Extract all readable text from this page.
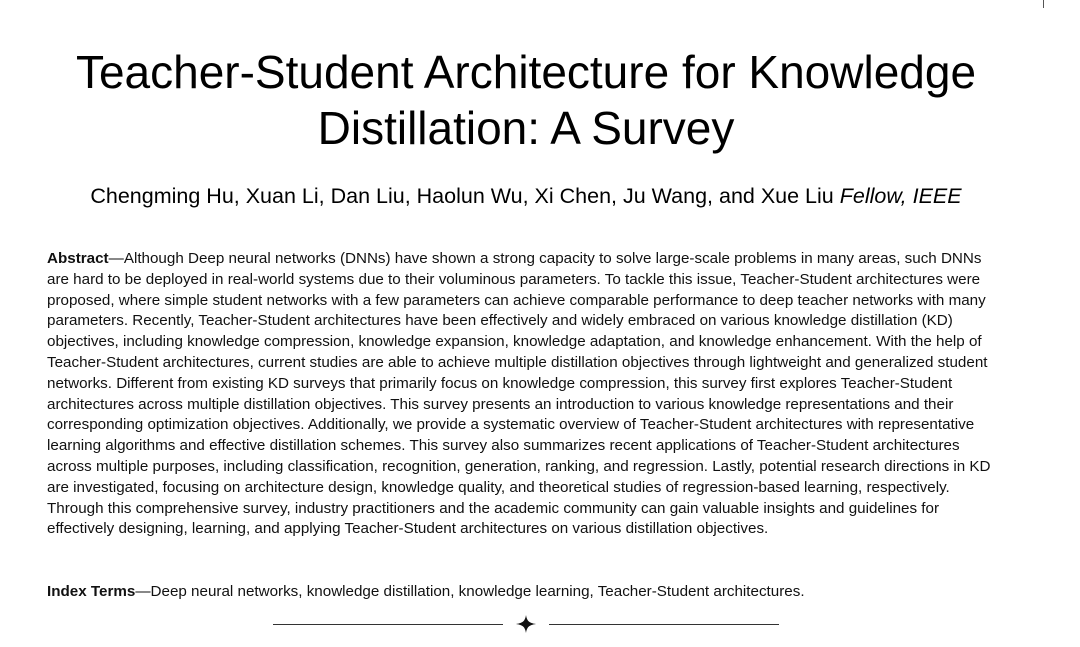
Teacher-Student Architecture for Knowledge
Distillation: A Survey
Chengming Hu, Xuan Li, Dan Liu, Haolun Wu, Xi Chen, Ju Wang, and Xue Liu Fellow, IEEE

Abstract—Although Deep neural networks (DNNs) have shown a strong capacity to solve large-scale problems in many areas, such DNNs are hard to be deployed in real-world systems due to their voluminous parameters. To tackle this issue, Teacher-Student architectures were proposed, where simple student networks with a few parameters can achieve comparable performance to deep teacher networks with many parameters. Recently, Teacher-Student architectures have been effectively and widely embraced on various knowledge distillation (KD) objectives, including knowledge compression, knowledge expansion, knowledge adaptation, and knowledge enhancement. With the help of Teacher-Student architectures, current studies are able to achieve multiple distillation objectives through lightweight and generalized student networks. Different from existing KD surveys that primarily focus on knowledge compression, this survey first explores Teacher-Student architectures across multiple distillation objectives. This survey presents an introduction to various knowledge representations and their corresponding optimization objectives. Additionally, we provide a systematic overview of Teacher-Student architectures with representative learning algorithms and effective distillation schemes. This survey also summarizes recent applications of Teacher-Student architectures across multiple purposes, including classification, recognition, generation, ranking, and regression. Lastly, potential research directions in KD are investigated, focusing on architecture design, knowledge quality, and theoretical studies of regression-based learning, respectively. Through this comprehensive survey, industry practitioners and the academic community can gain valuable insights and guidelines for effectively designing, learning, and applying Teacher-Student architectures on various distillation objectives.

Index Terms—Deep neural networks, knowledge distillation, knowledge learning, Teacher-Student architectures.
